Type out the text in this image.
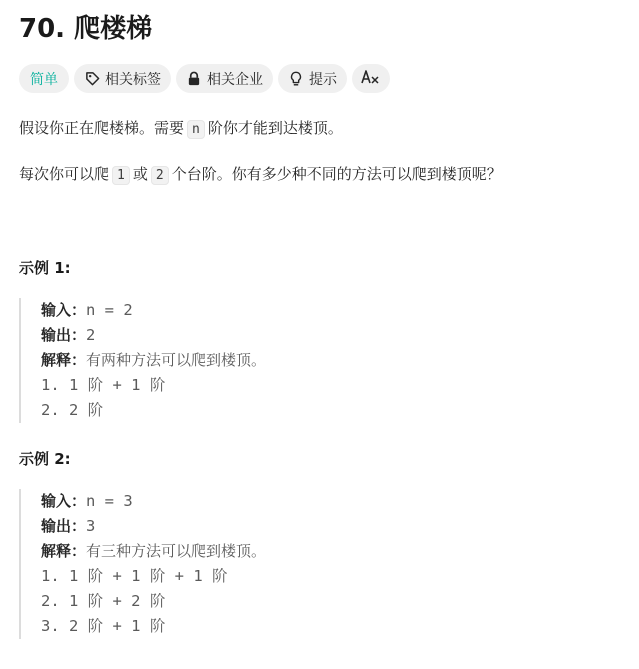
70. 爬楼梯
简单	相关标签	相关企业	提示
假设你正在爬楼梯。需要 n 阶你才能到达楼顶。
每次你可以爬 1 或 2 个台阶。你有多少种不同的方法可以爬到楼顶呢？
示例 1:
输入：n = 2
输出：2
解释：有两种方法可以爬到楼顶。
1. 1 阶 + 1 阶
2. 2 阶
示例 2:
输入：n = 3
输出：3
解释：有三种方法可以爬到楼顶。
1. 1 阶 + 1 阶 + 1 阶
2. 1 阶 + 2 阶
3. 2 阶 + 1 阶
